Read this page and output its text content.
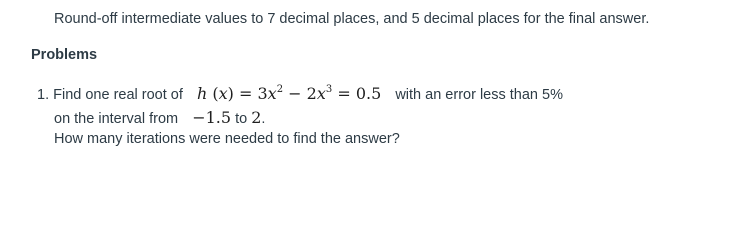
Round-off intermediate values to 7 decimal places, and 5 decimal places for the final answer.
Problems
1. Find one real root of h $(x) = 3x^2 - 2x^3 = 0.5$ with an error less than 5%
on the interval from −1.5 to 2.
How many iterations were needed to find the answer?
